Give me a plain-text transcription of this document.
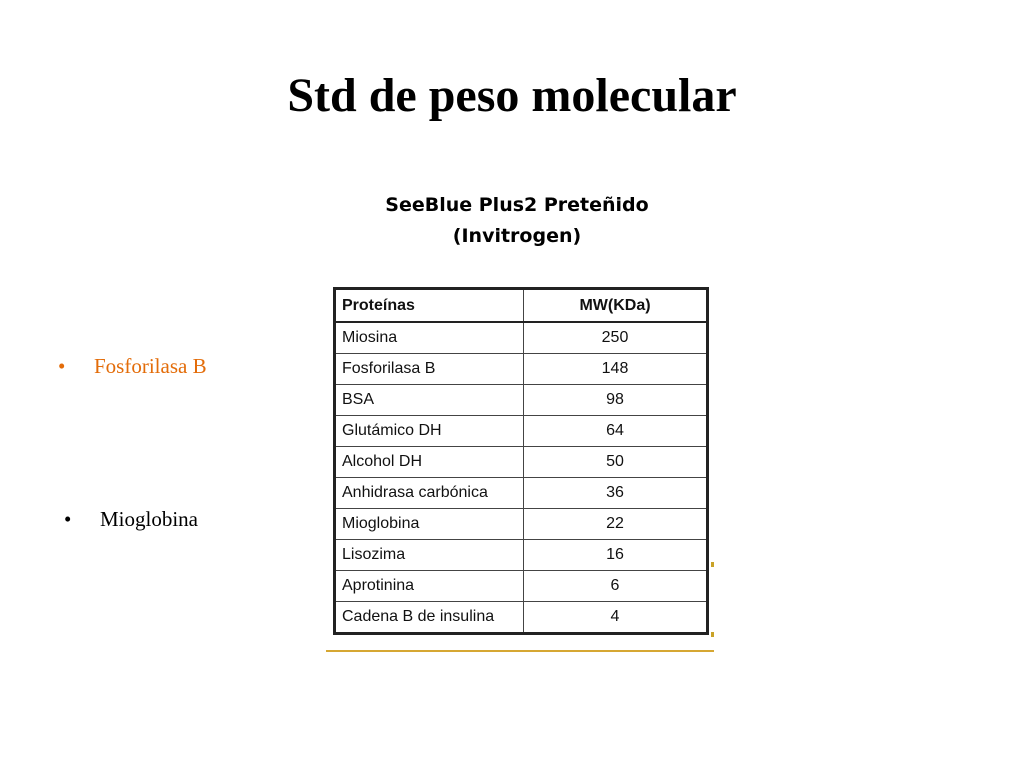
Std de peso molecular
SeeBlue Plus2 Preteñido
(Invitrogen)
• Fosforilasa B
• Mioglobina
Proteínas	MW(KDa)
Miosina	250
Fosforilasa B	148
BSA	98
Glutámico DH	64
Alcohol DH	50
Anhidrasa carbónica	36
Mioglobina	22
Lisozima	16
Aprotinina	6
Cadena B de insulina	4
